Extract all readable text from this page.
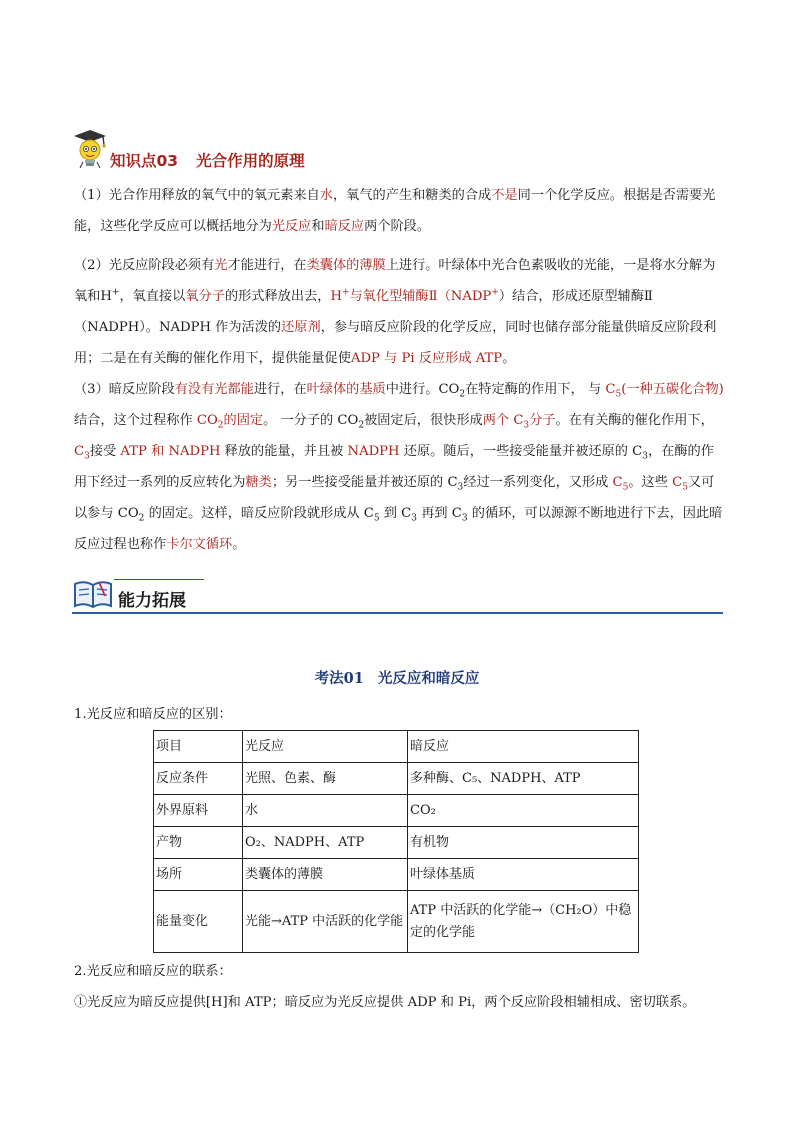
知识点03 光合作用的原理
（1）光合作用释放的氧气中的氧元素来自水，氧气的产生和糖类的合成不是同一个化学反应。根据是否需要光能，这些化学反应可以概括地分为光反应和暗反应两个阶段。
（2）光反应阶段必须有光才能进行，在类囊体的薄膜上进行。叶绿体中光合色素吸收的光能，一是将水分解为氧和H+，氧直接以氧分子的形式释放出去，H+与氧化型辅酶Ⅱ（NADP+）结合，形成还原型辅酶Ⅱ（NADPH）。NADPH 作为活泼的还原剂，参与暗反应阶段的化学反应，同时也储存部分能量供暗反应阶段利用；二是在有关酶的催化作用下，提供能量促使ADP 与 Pi 反应形成 ATP。
（3）暗反应阶段有没有光都能进行，在叶绿体的基质中进行。$CO_2$在特定酶的作用下， 与 $C_5$(一种五碳化合物)结合，这个过程称作 $CO_2$的固定。 一分子的 $CO_2$被固定后，很快形成两个 $C_3$分子。在有关酶的催化作用下，$C_3$接受 ATP 和 NADPH 释放的能量，并且被 NADPH 还原。随后，一些接受能量并被还原的 $C_3$，在酶的作用下经过一系列的反应转化为糖类；另一些接受能量并被还原的 $C_3$经过一系列变化，又形成 $C_5$。这些 $C_5$又可以参与 $CO_2$ 的固定。这样，暗反应阶段就形成从 $C_5$ 到 $C_3$ 再到 $C_3$ 的循环，可以源源不断地进行下去，因此暗反应过程也称作卡尔文循环。
能力拓展
考法01 光反应和暗反应
1.光反应和暗反应的区别：
项目	光反应	暗反应
反应条件	光照、色素、酶	多种酶、C₅、NADPH、ATP
外界原料	水	CO₂
产物	O₂、NADPH、ATP	有机物
场所	类囊体的薄膜	叶绿体基质
能量变化	光能→ATP 中活跃的化学能	ATP 中活跃的化学能→（CH₂O）中稳定的化学能
2.光反应和暗反应的联系：
①光反应为暗反应提供[H]和 ATP；暗反应为光反应提供 ADP 和 Pi，两个反应阶段相辅相成、密切联系。
